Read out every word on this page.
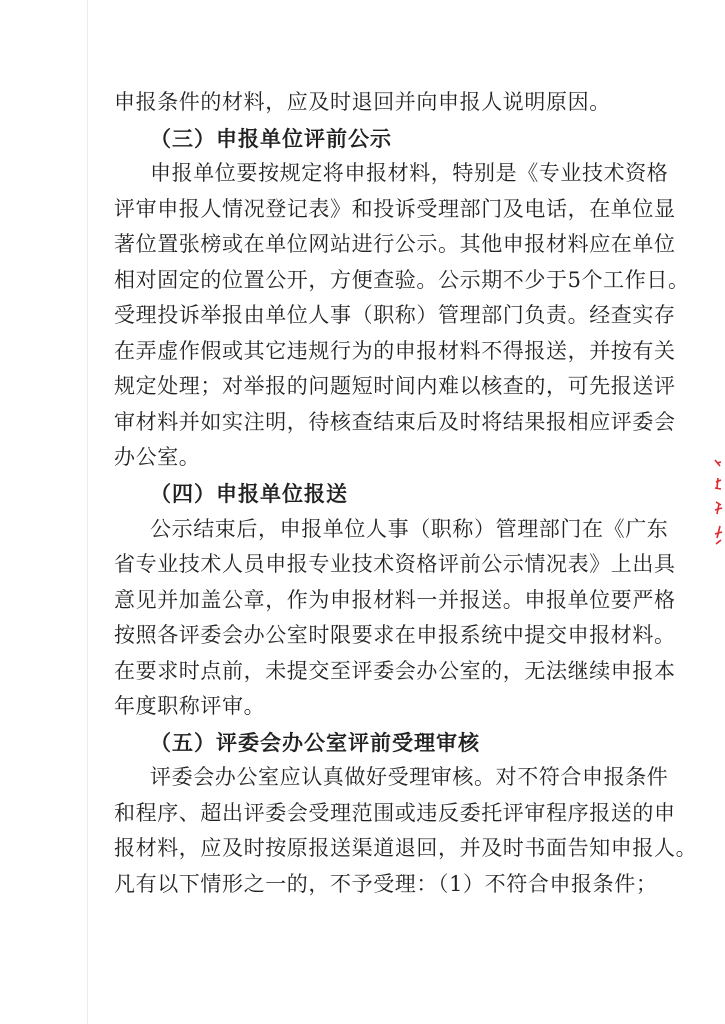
申报条件的材料，应及时退回并向申报人说明原因。
（三）申报单位评前公示
申报单位要按规定将申报材料，特别是《专业技术资格
评审申报人情况登记表》和投诉受理部门及电话，在单位显
著位置张榜或在单位网站进行公示。其他申报材料应在单位
相对固定的位置公开，方便查验。公示期不少于5个工作日。
受理投诉举报由单位人事（职称）管理部门负责。经查实存
在弄虚作假或其它违规行为的申报材料不得报送，并按有关
规定处理；对举报的问题短时间内难以核查的，可先报送评
审材料并如实注明，待核查结束后及时将结果报相应评委会
办公室。
（四）申报单位报送
公示结束后，申报单位人事（职称）管理部门在《广东
省专业技术人员申报专业技术资格评前公示情况表》上出具
意见并加盖公章，作为申报材料一并报送。申报单位要严格
按照各评委会办公室时限要求在申报系统中提交申报材料。
在要求时点前，未提交至评委会办公室的，无法继续申报本
年度职称评审。
（五）评委会办公室评前受理审核
评委会办公室应认真做好受理审核。对不符合申报条件
和程序、超出评委会受理范围或违反委托评审程序报送的申
报材料，应及时按原报送渠道退回，并及时书面告知申报人。
凡有以下情形之一的，不予受理：（1）不符合申报条件；
